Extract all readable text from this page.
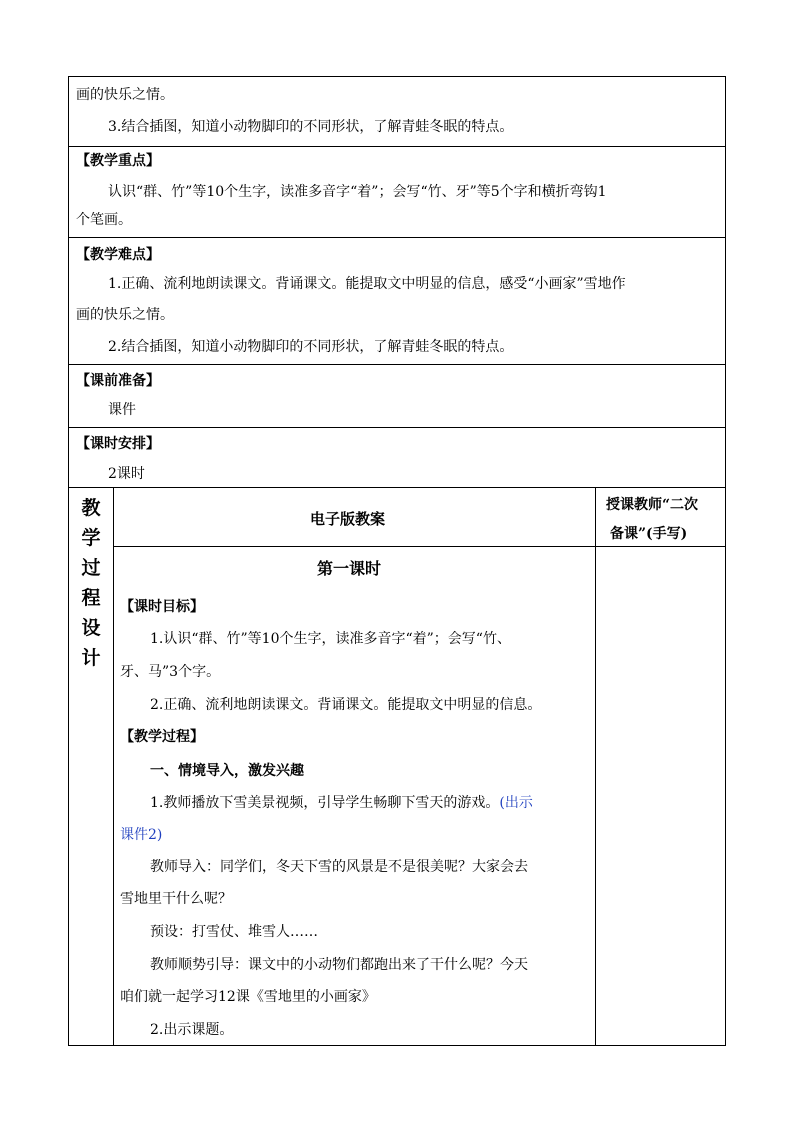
画的快乐之情。
3.结合插图，知道小动物脚印的不同形状，了解青蛙冬眠的特点。
【教学重点】
认识“群、竹”等10个生字，读准多音字“着”；会写“竹、牙”等5个字和横折弯钩1
个笔画。
【教学难点】
1.正确、流利地朗读课文。背诵课文。能提取文中明显的信息，感受“小画家”雪地作
画的快乐之情。
2.结合插图，知道小动物脚印的不同形状，了解青蛙冬眠的特点。
【课前准备】
课件
【课时安排】
2课时
教
学
过
程
设
计
电子版教案
授课教师“二次
备课”(手写)
第一课时
【课时目标】
1.认识“群、竹”等10个生字，读准多音字“着”；会写“竹、
牙、马”3个字。
2.正确、流利地朗读课文。背诵课文。能提取文中明显的信息。
【教学过程】
一、情境导入，激发兴趣
1.教师播放下雪美景视频，引导学生畅聊下雪天的游戏。(出示
课件2)
教师导入：同学们，冬天下雪的风景是不是很美呢？大家会去
雪地里干什么呢？
预设：打雪仗、堆雪人……
教师顺势引导：课文中的小动物们都跑出来了干什么呢？今天
咱们就一起学习12课《雪地里的小画家》
2.出示课题。
